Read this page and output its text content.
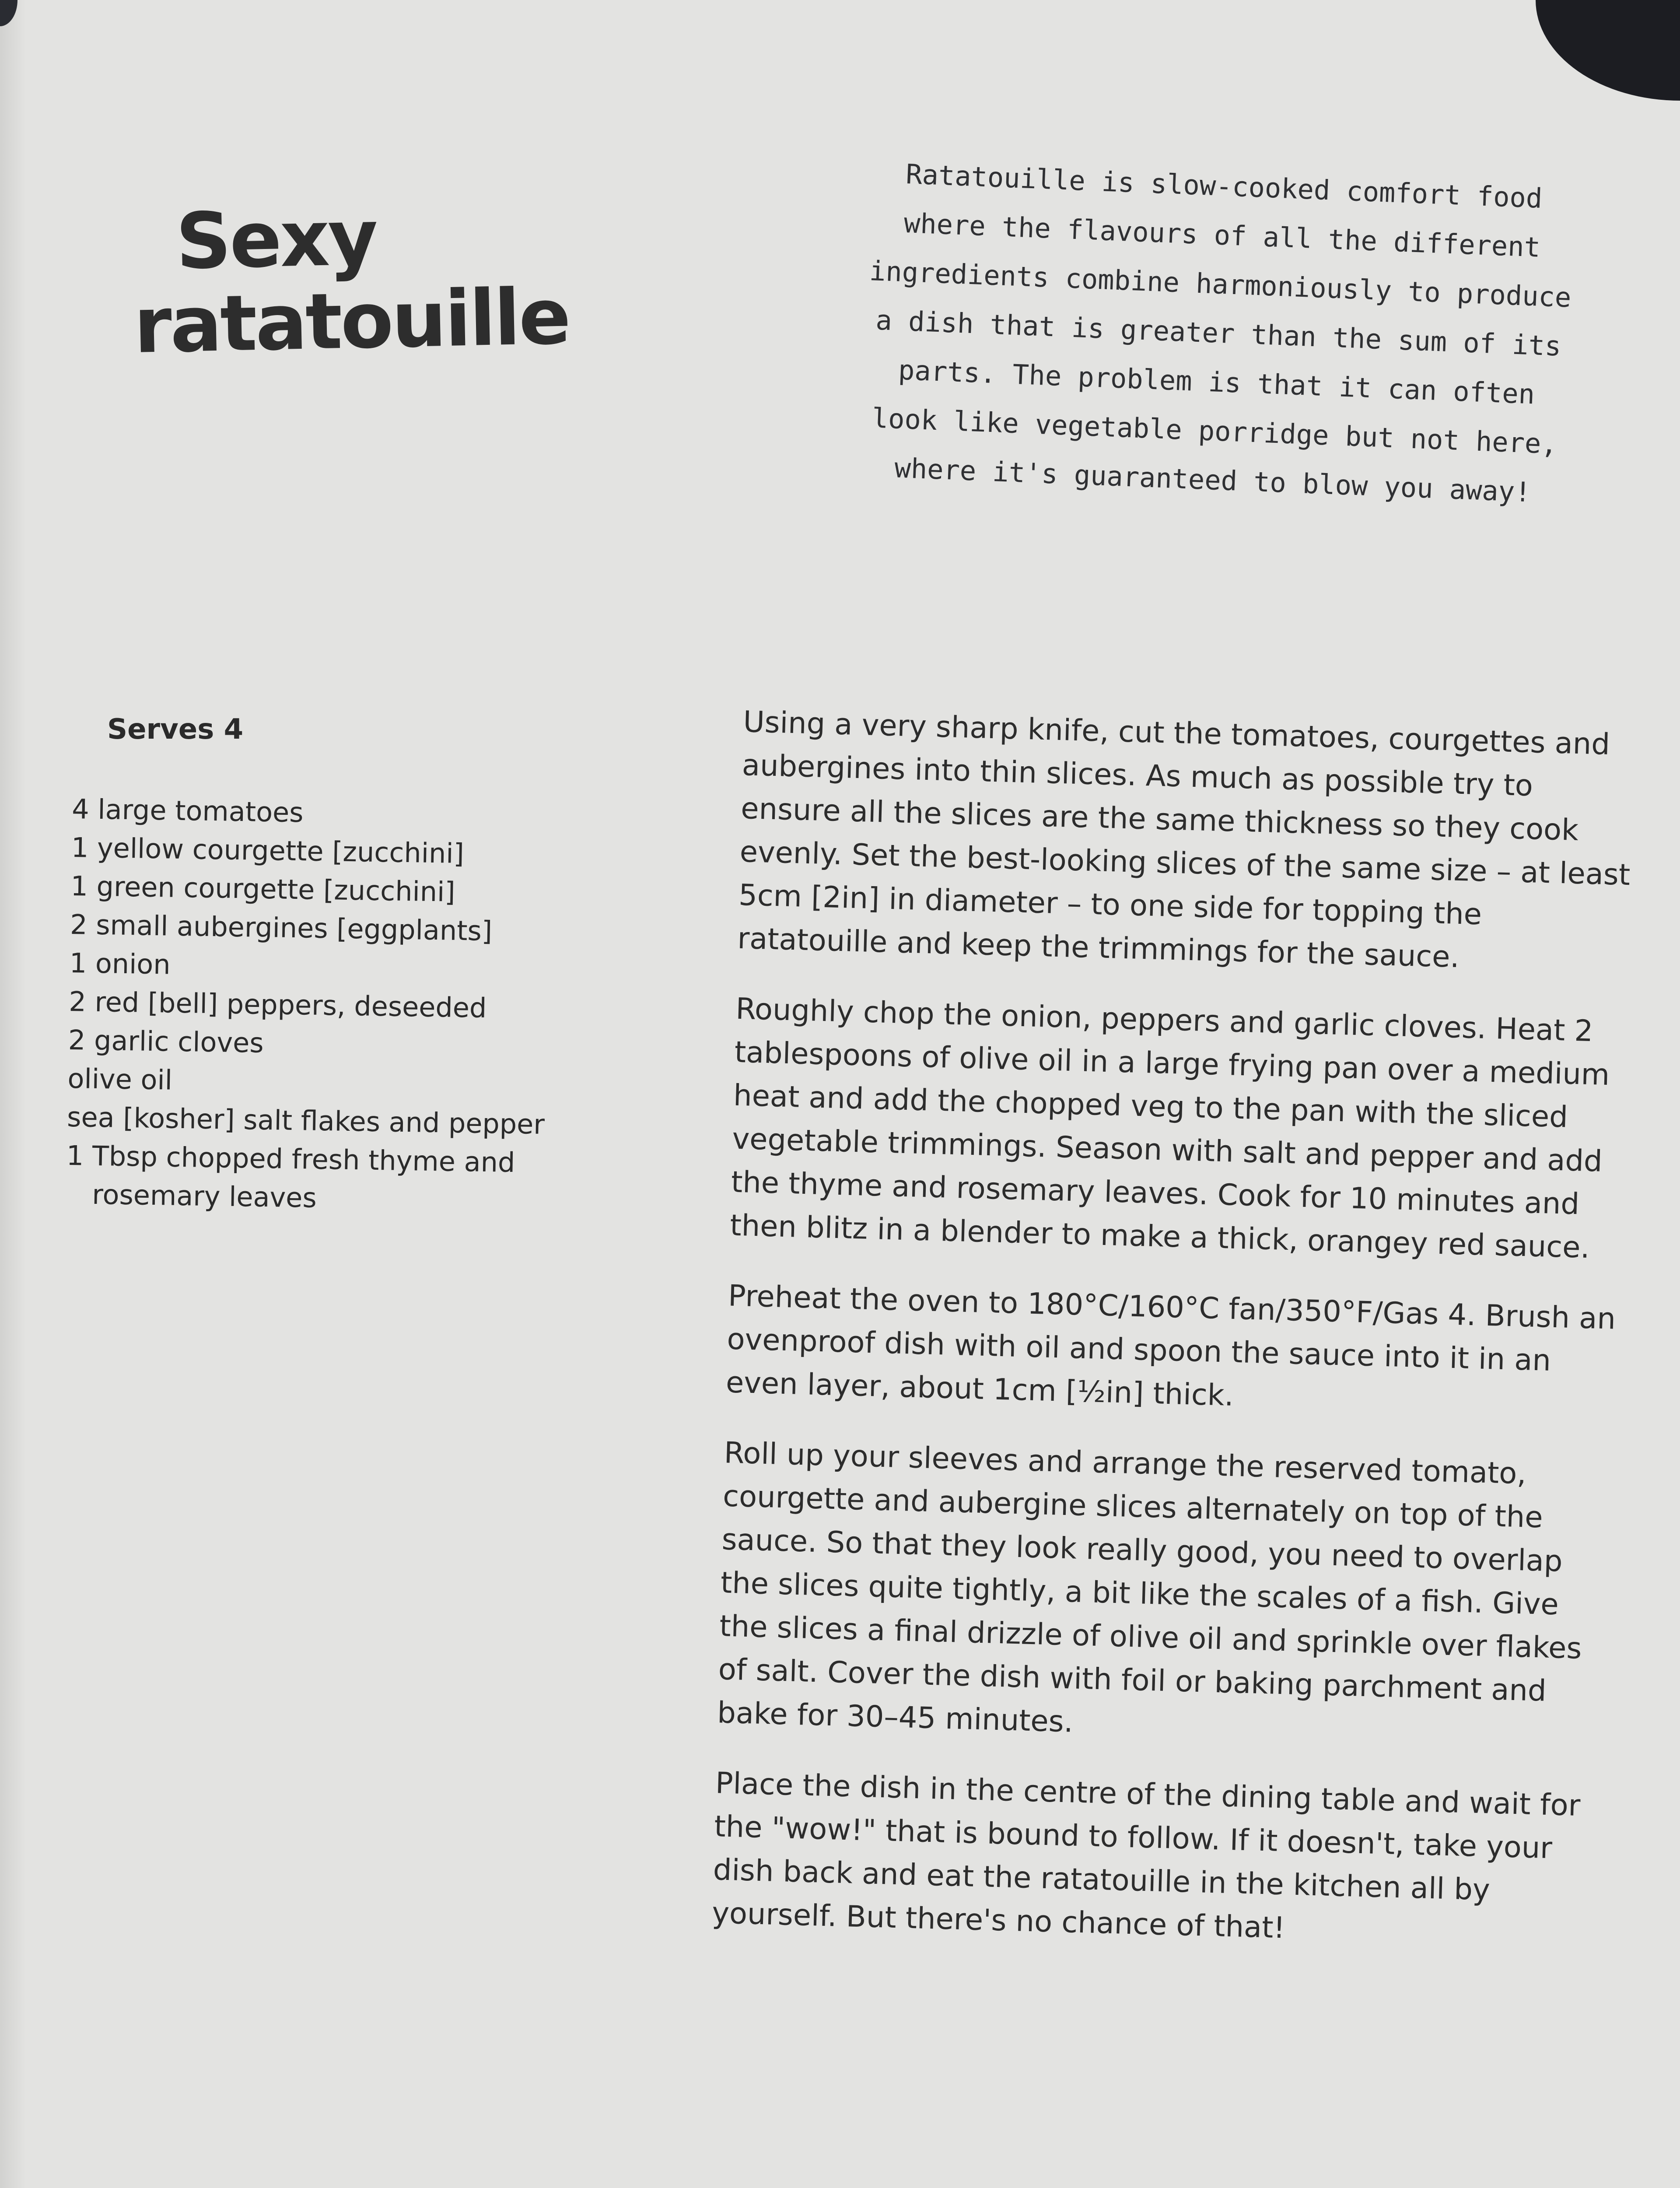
Sexy
ratatouille

Ratatouille is slow-cooked comfort food where the flavours of all the different ingredients combine harmoniously to produce a dish that is greater than the sum of its parts. The problem is that it can often look like vegetable porridge but not here, where it's guaranteed to blow you away!

Serves 4
4 large tomatoes
1 yellow courgette [zucchini]
1 green courgette [zucchini]
2 small aubergines [eggplants]
1 onion
2 red [bell] peppers, deseeded
2 garlic cloves
olive oil
sea [kosher] salt flakes and pepper
1 Tbsp chopped fresh thyme and rosemary leaves

Using a very sharp knife, cut the tomatoes, courgettes and aubergines into thin slices. As much as possible try to ensure all the slices are the same thickness so they cook evenly. Set the best-looking slices of the same size – at least 5cm [2in] in diameter – to one side for topping the ratatouille and keep the trimmings for the sauce.

Roughly chop the onion, peppers and garlic cloves. Heat 2 tablespoons of olive oil in a large frying pan over a medium heat and add the chopped veg to the pan with the sliced vegetable trimmings. Season with salt and pepper and add the thyme and rosemary leaves. Cook for 10 minutes and then blitz in a blender to make a thick, orangey red sauce.

Preheat the oven to 180°C/160°C fan/350°F/Gas 4. Brush an ovenproof dish with oil and spoon the sauce into it in an even layer, about 1cm [½in] thick.

Roll up your sleeves and arrange the reserved tomato, courgette and aubergine slices alternately on top of the sauce. So that they look really good, you need to overlap the slices quite tightly, a bit like the scales of a fish. Give the slices a final drizzle of olive oil and sprinkle over flakes of salt. Cover the dish with foil or baking parchment and bake for 30–45 minutes.

Place the dish in the centre of the dining table and wait for the "wow!" that is bound to follow. If it doesn't, take your dish back and eat the ratatouille in the kitchen all by yourself. But there's no chance of that!
